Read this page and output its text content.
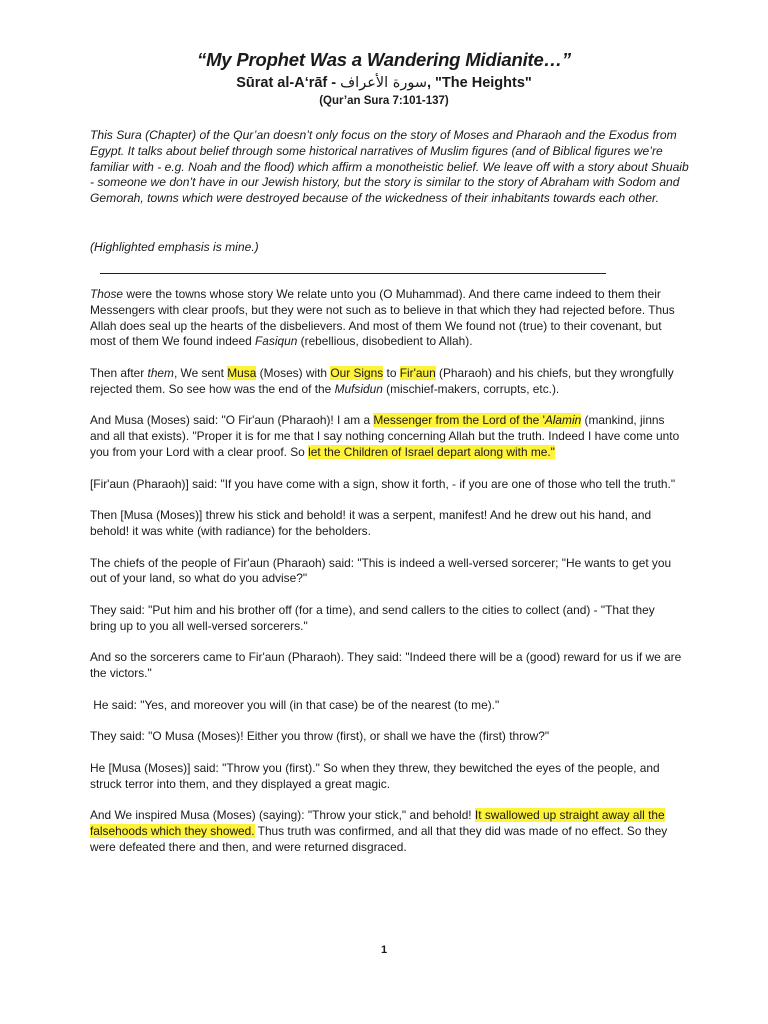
“My Prophet Was a Wandering Midianite…”
Sūrat al-A‘rāf - سورة الأعراف, "The Heights"
(Qur’an Sura 7:101-137)
This Sura (Chapter) of the Qur’an doesn’t only focus on the story of Moses and Pharaoh and the Exodus from Egypt. It talks about belief through some historical narratives of Muslim figures (and of Biblical figures we’re familiar with - e.g. Noah and the flood) which affirm a monotheistic belief. We leave off with a story about Shuaib - someone we don’t have in our Jewish history, but the story is similar to the story of Abraham with Sodom and Gemorah, towns which were destroyed because of the wickedness of their inhabitants towards each other.
(Highlighted emphasis is mine.)

Those were the towns whose story We relate unto you (O Muhammad). And there came indeed to them their Messengers with clear proofs, but they were not such as to believe in that which they had rejected before. Thus Allah does seal up the hearts of the disbelievers. And most of them We found not (true) to their covenant, but most of them We found indeed Fasiqun (rebellious, disobedient to Allah).

Then after them, We sent Musa (Moses) with Our Signs to Fir'aun (Pharaoh) and his chiefs, but they wrongfully rejected them. So see how was the end of the Mufsidun (mischief-makers, corrupts, etc.).

And Musa (Moses) said: "O Fir'aun (Pharaoh)! I am a Messenger from the Lord of the 'Alamin (mankind, jinns and all that exists). "Proper it is for me that I say nothing concerning Allah but the truth. Indeed I have come unto you from your Lord with a clear proof. So let the Children of Israel depart along with me."

[Fir'aun (Pharaoh)] said: "If you have come with a sign, show it forth, - if you are one of those who tell the truth."

Then [Musa (Moses)] threw his stick and behold! it was a serpent, manifest! And he drew out his hand, and behold! it was white (with radiance) for the beholders.

The chiefs of the people of Fir'aun (Pharaoh) said: "This is indeed a well-versed sorcerer; "He wants to get you out of your land, so what do you advise?"

They said: "Put him and his brother off (for a time), and send callers to the cities to collect (and) - "That they bring up to you all well-versed sorcerers."

And so the sorcerers came to Fir'aun (Pharaoh). They said: "Indeed there will be a (good) reward for us if we are the victors."

He said: "Yes, and moreover you will (in that case) be of the nearest (to me)."

They said: "O Musa (Moses)! Either you throw (first), or shall we have the (first) throw?"

He [Musa (Moses)] said: "Throw you (first)." So when they threw, they bewitched the eyes of the people, and struck terror into them, and they displayed a great magic.

And We inspired Musa (Moses) (saying): "Throw your stick," and behold! It swallowed up straight away all the falsehoods which they showed. Thus truth was confirmed, and all that they did was made of no effect. So they were defeated there and then, and were returned disgraced.

1
